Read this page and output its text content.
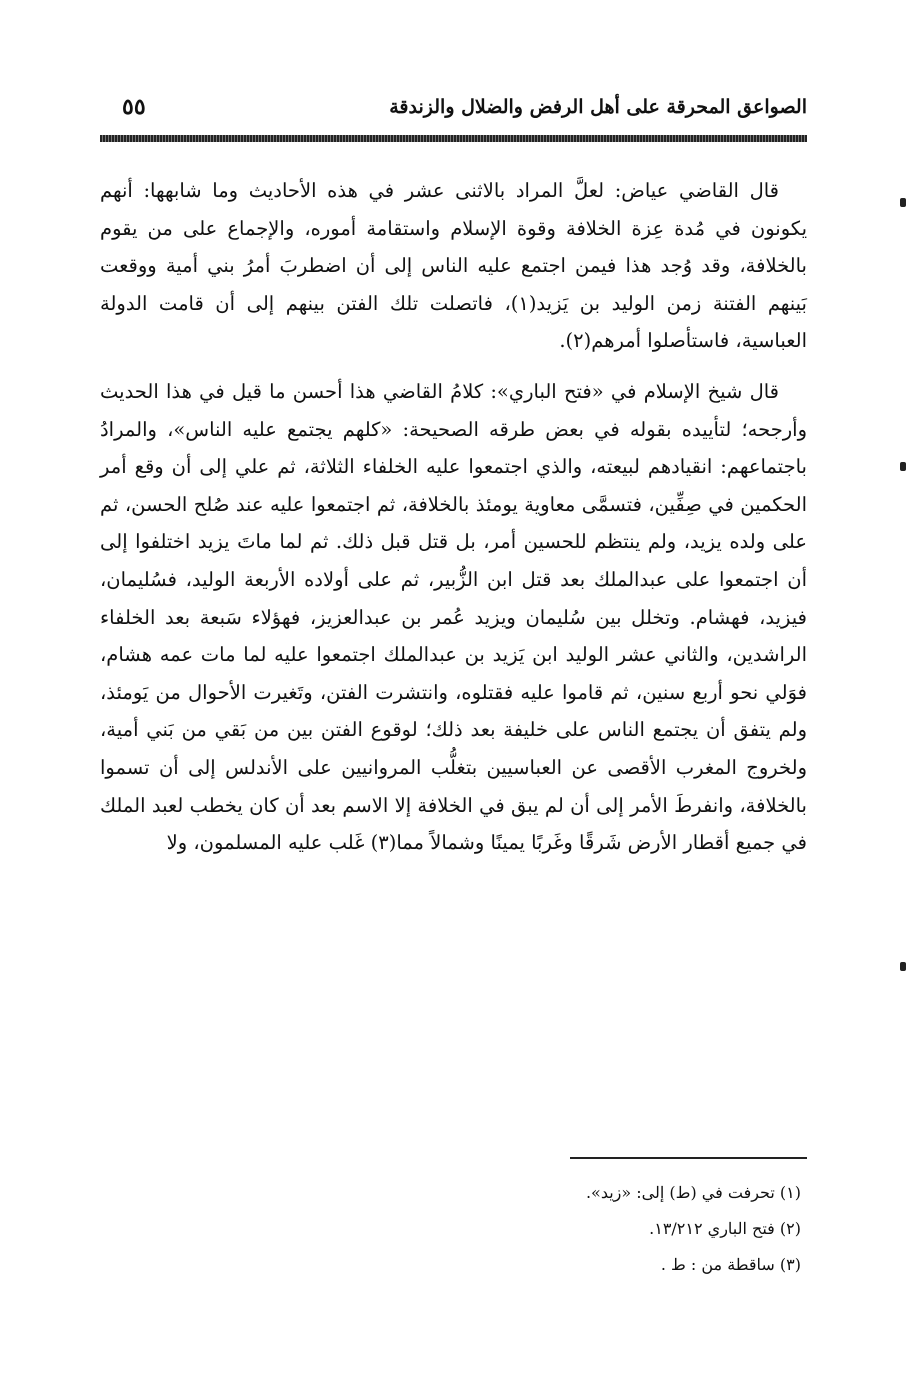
الصواعق المحرقة على أهل الرفض والضلال والزندقة
٥٥

قال القاضي عياض: لعلَّ المراد بالاثنى عشر في هذه الأحاديث وما شابهها: أنهم يكونون في مُدة عِزة الخلافة وقوة الإسلام واستقامة أموره، والإجماع على من يقوم بالخلافة، وقد وُجد هذا فيمن اجتمع عليه الناس إلى أن اضطربَ أمرُ بني أمية ووقعت بَينهم الفتنة زمن الوليد بن يَزيد(١)، فاتصلت تلك الفتن بينهم إلى أن قامت الدولة العباسية، فاستأصلوا أمرهم(٢).

قال شيخ الإسلام في «فتح الباري»: كلامُ القاضي هذا أحسن ما قيل في هذا الحديث وأرجحه؛ لتأييده بقوله في بعض طرقه الصحيحة: «كلهم يجتمع عليه الناس»، والمرادُ باجتماعهم: انقيادهم لبيعته، والذي اجتمعوا عليه الخلفاء الثلاثة، ثم علي إلى أن وقع أمر الحكمين في صِفِّين، فتسمَّى معاوية يومئذ بالخلافة، ثم اجتمعوا عليه عند صُلح الحسن، ثم على ولده يزيد، ولم ينتظم للحسين أمر، بل قتل قبل ذلك. ثم لما ماتَ يزيد اختلفوا إلى أن اجتمعوا على عبدالملك بعد قتل ابن الزُّبير، ثم على أولاده الأربعة الوليد، فسُليمان، فيزيد، فهشام. وتخلل بين سُليمان ويزيد عُمر بن عبدالعزيز، فهؤلاء سَبعة بعد الخلفاء الراشدين، والثاني عشر الوليد ابن يَزيد بن عبدالملك اجتمعوا عليه لما مات عمه هشام، فوَلي نحو أربع سنين، ثم قاموا عليه فقتلوه، وانتشرت الفتن، وتَغيرت الأحوال من يَومئذ، ولم يتفق أن يجتمع الناس على خليفة بعد ذلك؛ لوقوع الفتن بين من بَقي من بَني أمية، ولخروج المغرب الأقصى عن العباسيين بتغلُّب المروانيين على الأندلس إلى أن تسموا بالخلافة، وانفرطَ الأمر إلى أن لم يبق في الخلافة إلا الاسم بعد أن كان يخطب لعبد الملك في جميع أقطار الأرض شَرقًا وغَربًا يمينًا وشمالاً مما(٣) غَلب عليه المسلمون، ولا

(١) تحرفت في (ط) إلى: «زيد».

(٢) فتح الباري ١٣/٢١٢.

(٣) ساقطة من : ط .
